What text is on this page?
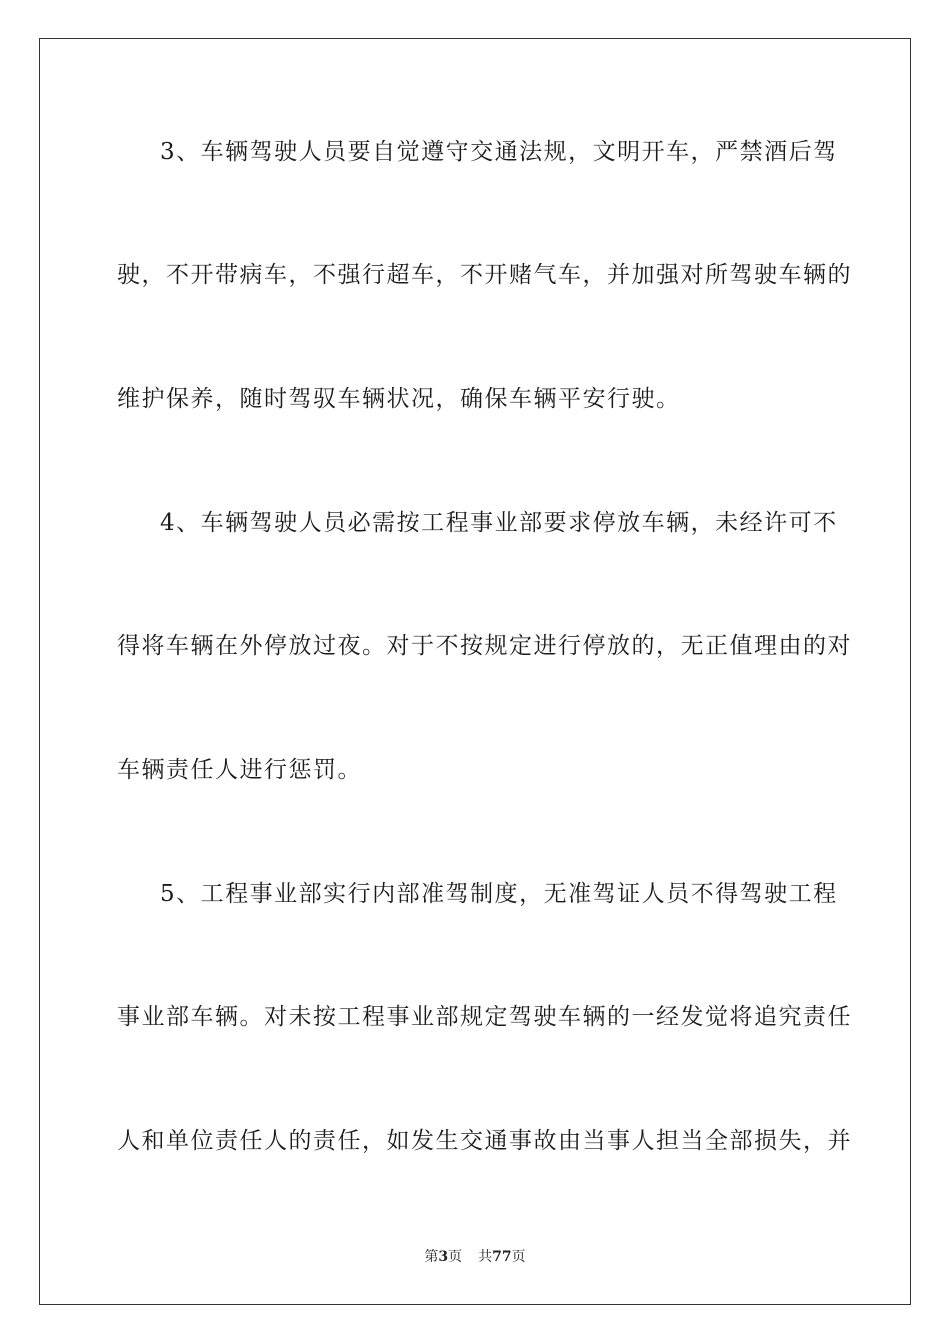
3、车辆驾驶人员要自觉遵守交通法规，文明开车，严禁酒后驾
驶，不开带病车，不强行超车，不开赌气车，并加强对所驾驶车辆的
维护保养，随时驾驭车辆状况，确保车辆平安行驶。
4、车辆驾驶人员必需按工程事业部要求停放车辆，未经许可不
得将车辆在外停放过夜。对于不按规定进行停放的，无正值理由的对
车辆责任人进行惩罚。
5、工程事业部实行内部准驾制度，无准驾证人员不得驾驶工程
事业部车辆。对未按工程事业部规定驾驶车辆的一经发觉将追究责任
人和单位责任人的责任，如发生交通事故由当事人担当全部损失，并
第3页 共77页
